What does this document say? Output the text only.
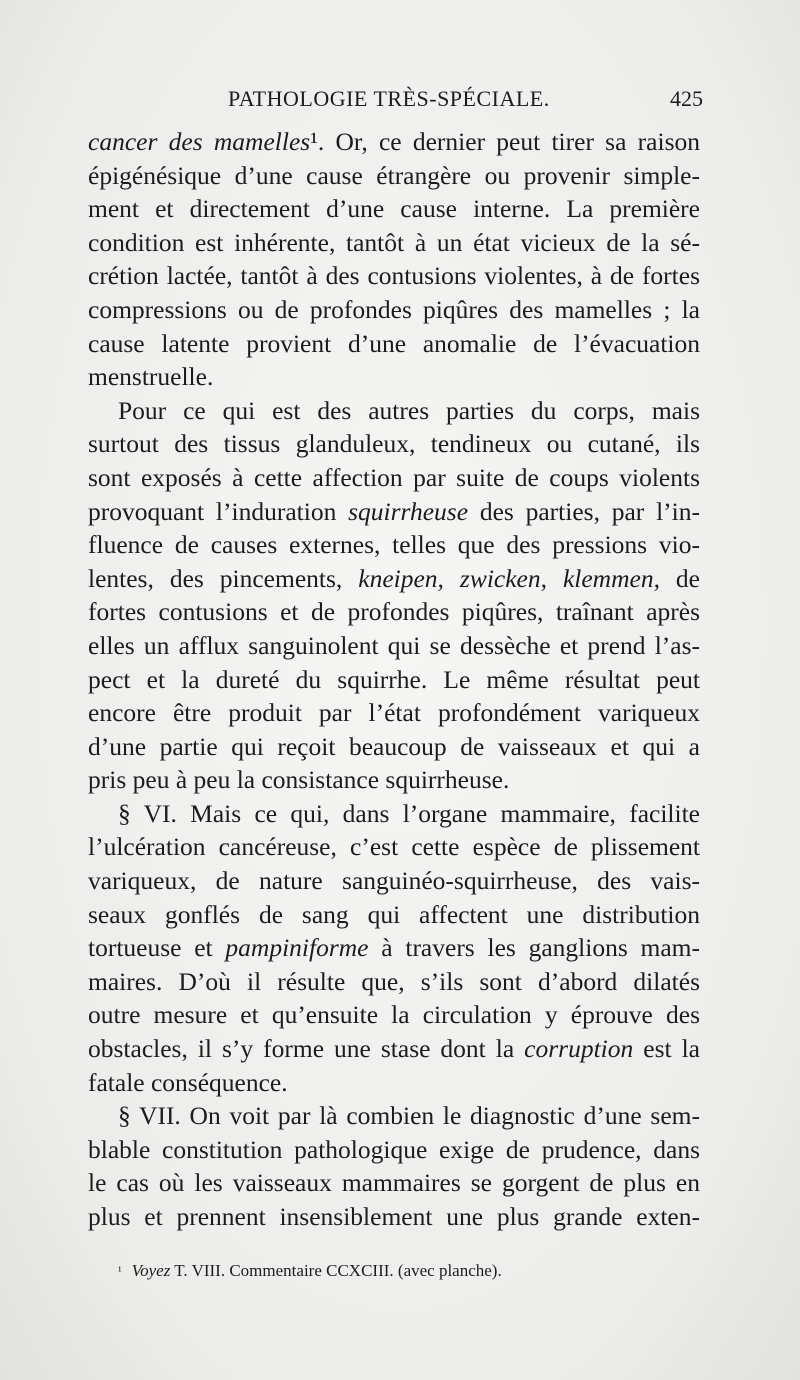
PATHOLOGIE TRÈS-SPÉCIALE.	425
cancer des mamelles¹. Or, ce dernier peut tirer sa raison
épigénésique d’une cause étrangère ou provenir simple-
ment et directement d’une cause interne. La première
condition est inhérente, tantôt à un état vicieux de la sé-
crétion lactée, tantôt à des contusions violentes, à de fortes
compressions ou de profondes piqûres des mamelles ; la
cause latente provient d’une anomalie de l’évacuation
menstruelle.
Pour ce qui est des autres parties du corps, mais
surtout des tissus glanduleux, tendineux ou cutané, ils
sont exposés à cette affection par suite de coups violents
provoquant l’induration squirrheuse des parties, par l’in-
fluence de causes externes, telles que des pressions vio-
lentes, des pincements, kneipen, zwicken, klemmen, de
fortes contusions et de profondes piqûres, traînant après
elles un afflux sanguinolent qui se dessèche et prend l’as-
pect et la dureté du squirrhe. Le même résultat peut
encore être produit par l’état profondément variqueux
d’une partie qui reçoit beaucoup de vaisseaux et qui a
pris peu à peu la consistance squirrheuse.
§ VI. Mais ce qui, dans l’organe mammaire, facilite
l’ulcération cancéreuse, c’est cette espèce de plissement
variqueux, de nature sanguinéo-squirrheuse, des vais-
seaux gonflés de sang qui affectent une distribution
tortueuse et pampiniforme à travers les ganglions mam-
maires. D’où il résulte que, s’ils sont d’abord dilatés
outre mesure et qu’ensuite la circulation y éprouve des
obstacles, il s’y forme une stase dont la corruption est la
fatale conséquence.
§ VII. On voit par là combien le diagnostic d’une sem-
blable constitution pathologique exige de prudence, dans
le cas où les vaisseaux mammaires se gorgent de plus en
plus et prennent insensiblement une plus grande exten-
$^{^1}$ Voyez T. VIII. Commentaire CCXCIII. (avec planche).
